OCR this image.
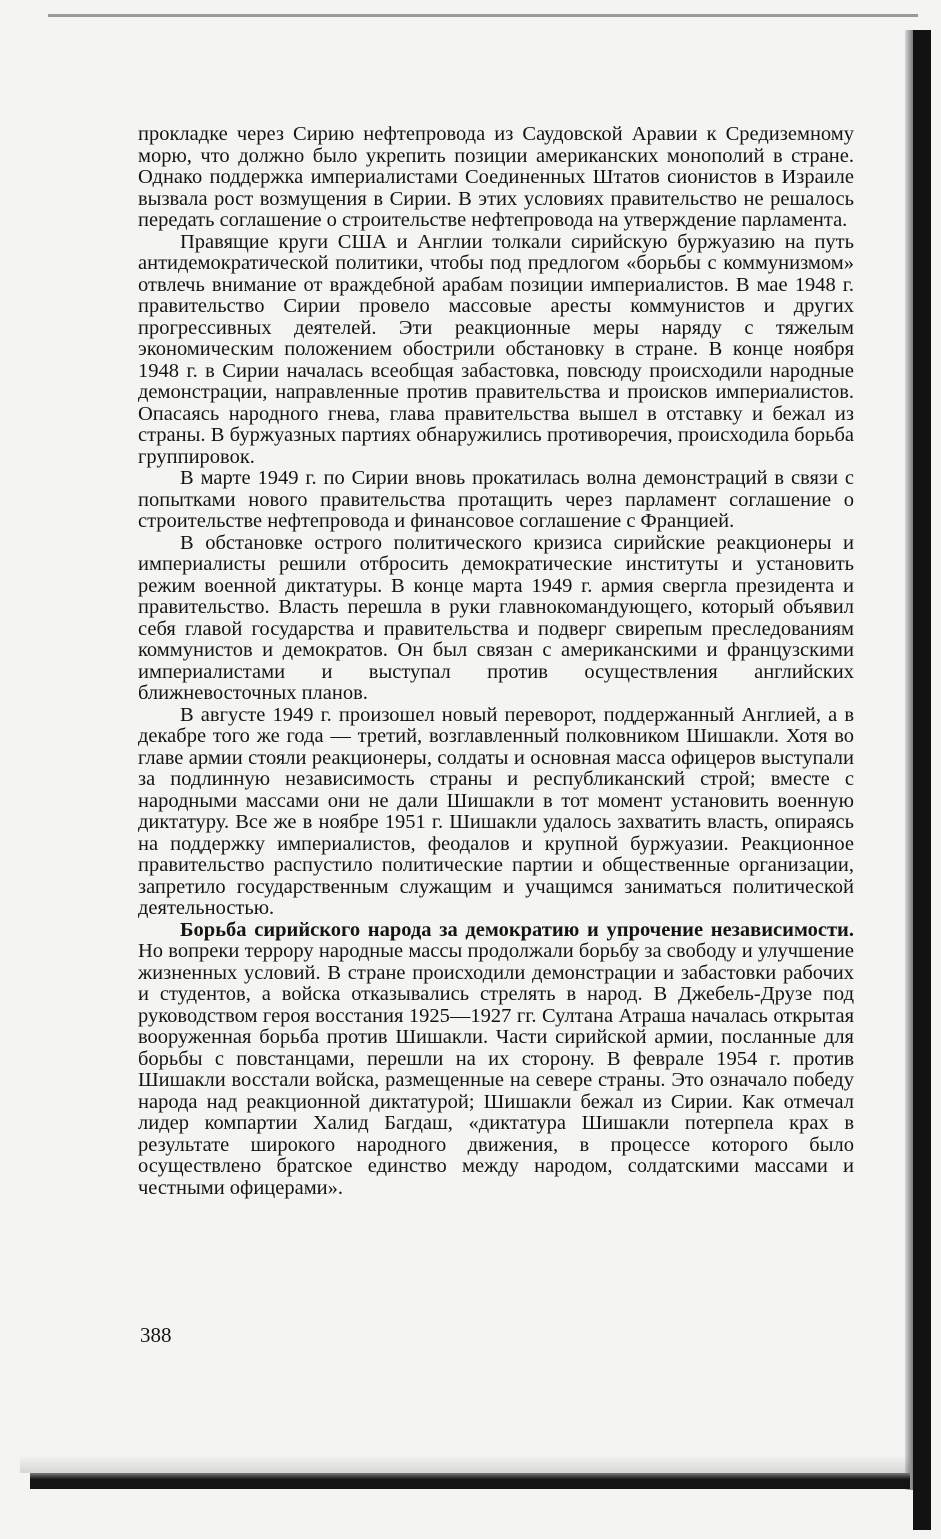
прокладке через Сирию нефтепровода из Саудовской Аравии к Средиземному морю, что должно было укрепить позиции американских монополий в стране. Однако поддержка империалистами Соединенных Штатов сионистов в Израиле вызвала рост возмущения в Сирии. В этих условиях правительство не решалось передать соглашение о строительстве нефтепровода на утверждение парламента.

Правящие круги США и Англии толкали сирийскую буржуазию на путь антидемократической политики, чтобы под предлогом «борьбы с коммунизмом» отвлечь внимание от враждебной арабам позиции империалистов. В мае 1948 г. правительство Сирии провело массовые аресты коммунистов и других прогрессивных деятелей. Эти реакционные меры наряду с тяжелым экономическим положением обострили обстановку в стране. В конце ноября 1948 г. в Сирии началась всеобщая забастовка, повсюду происходили народные демонстрации, направленные против правительства и происков империалистов. Опасаясь народного гнева, глава правительства вышел в отставку и бежал из страны. В буржуазных партиях обнаружились противоречия, происходила борьба группировок.

В марте 1949 г. по Сирии вновь прокатилась волна демонстраций в связи с попытками нового правительства протащить через парламент соглашение о строительстве нефтепровода и финансовое соглашение с Францией.

В обстановке острого политического кризиса сирийские реакционеры и империалисты решили отбросить демократические институты и установить режим военной диктатуры. В конце марта 1949 г. армия свергла президента и правительство. Власть перешла в руки главнокомандующего, который объявил себя главой государства и правительства и подверг свирепым преследованиям коммунистов и демократов. Он был связан с американскими и французскими империалистами и выступал против осуществления английских ближневосточных планов.

В августе 1949 г. произошел новый переворот, поддержанный Англией, а в декабре того же года — третий, возглавленный полковником Шишакли. Хотя во главе армии стояли реакционеры, солдаты и основная масса офицеров выступали за подлинную независимость страны и республиканский строй; вместе с народными массами они не дали Шишакли в тот момент установить военную диктатуру. Все же в ноябре 1951 г. Шишакли удалось захватить власть, опираясь на поддержку империалистов, феодалов и крупной буржуазии. Реакционное правительство распустило политические партии и общественные организации, запретило государственным служащим и учащимся заниматься политической деятельностью.

Борьба сирийского народа за демократию и упрочение независимости. Но вопреки террору народные массы продолжали борьбу за свободу и улучшение жизненных условий. В стране происходили демонстрации и забастовки рабочих и студентов, а войска отказывались стрелять в народ. В Джебель-Друзе под руководством героя восстания 1925—1927 гг. Султана Атраша началась открытая вооруженная борьба против Шишакли. Части сирийской армии, посланные для борьбы с повстанцами, перешли на их сторону. В феврале 1954 г. против Шишакли восстали войска, размещенные на севере страны. Это означало победу народа над реакционной диктатурой; Шишакли бежал из Сирии. Как отмечал лидер компартии Халид Багдаш, «диктатура Шишакли потерпела крах в результате широкого народного движения, в процессе которого было осуществлено братское единство между народом, солдатскими массами и честными офицерами».

388
